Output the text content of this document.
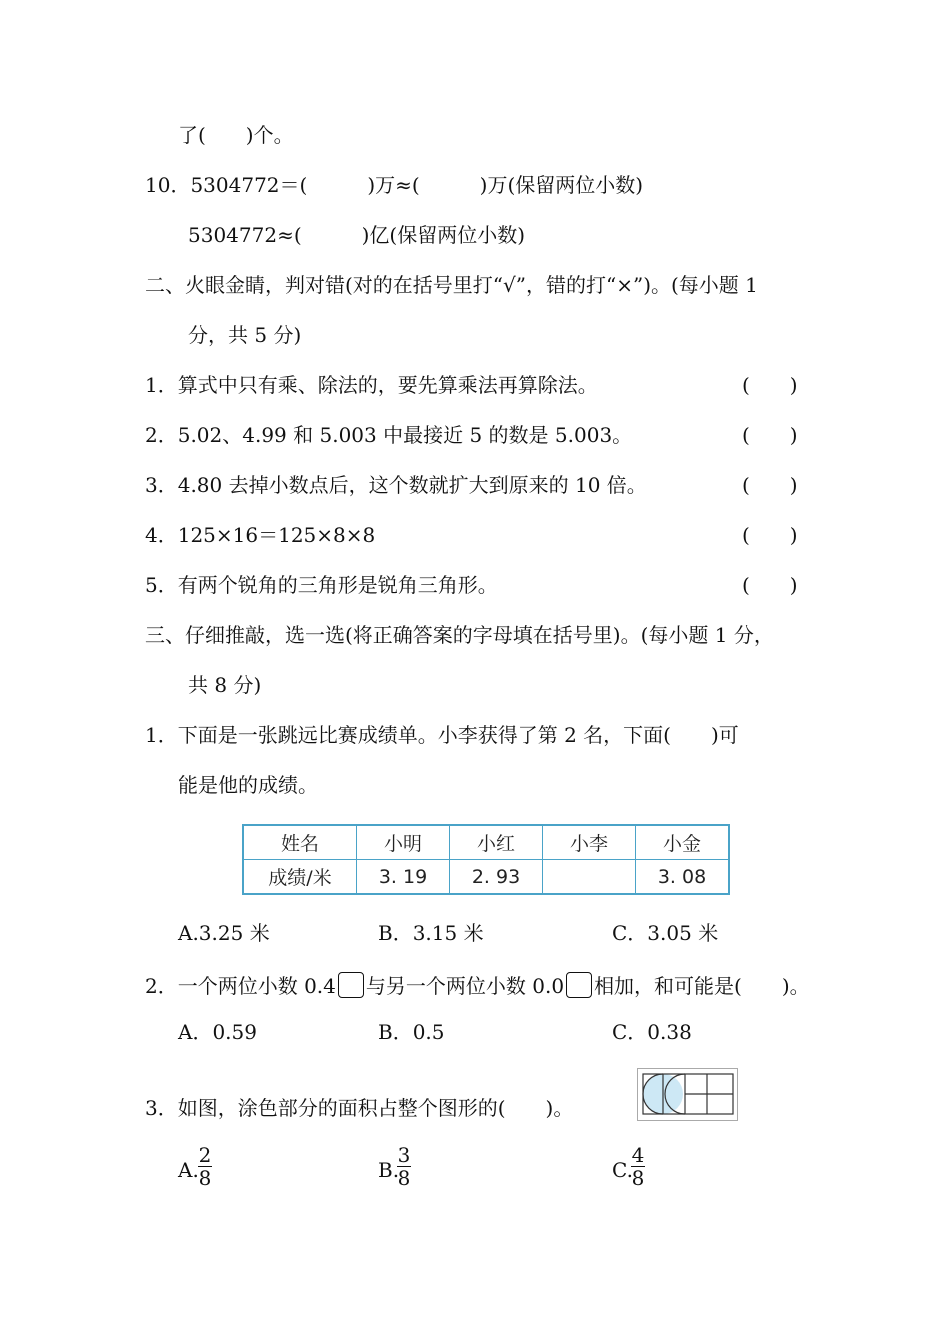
了(　　)个。
10．5304772＝(　　　)万≈(　　　)万(保留两位小数)
5304772≈(　　　)亿(保留两位小数)
二、火眼金睛，判对错(对的在括号里打“√”，错的打“×”)。(每小题 1
分，共 5 分)
1．算式中只有乘、除法的，要先算乘法再算除法。	(　　)
2．5.02、4.99 和 5.003 中最接近 5 的数是 5.003。	(　　)
3．4.80 去掉小数点后，这个数就扩大到原来的 10 倍。	(　　)
4．125×16＝125×8×8	(　　)
5．有两个锐角的三角形是锐角三角形。	(　　)
三、仔细推敲，选一选(将正确答案的字母填在括号里)。(每小题 1 分，
共 8 分)
1．下面是一张跳远比赛成绩单。小李获得了第 2 名，下面(　　)可
能是他的成绩。
姓名	小明	小红	小李	小金
成绩/米	3. 19	2. 93		3. 08
A.3.25 米	B．3.15 米	C．3.05 米
2．一个两位小数 0.4 与另一个两位小数 0.0 相加，和可能是(　　)。
A．0.59	B．0.5	C．0.38
3．如图，涂色部分的面积占整个图形的(　　)。
A.
2
8	B.
3
8	C.
4
8
